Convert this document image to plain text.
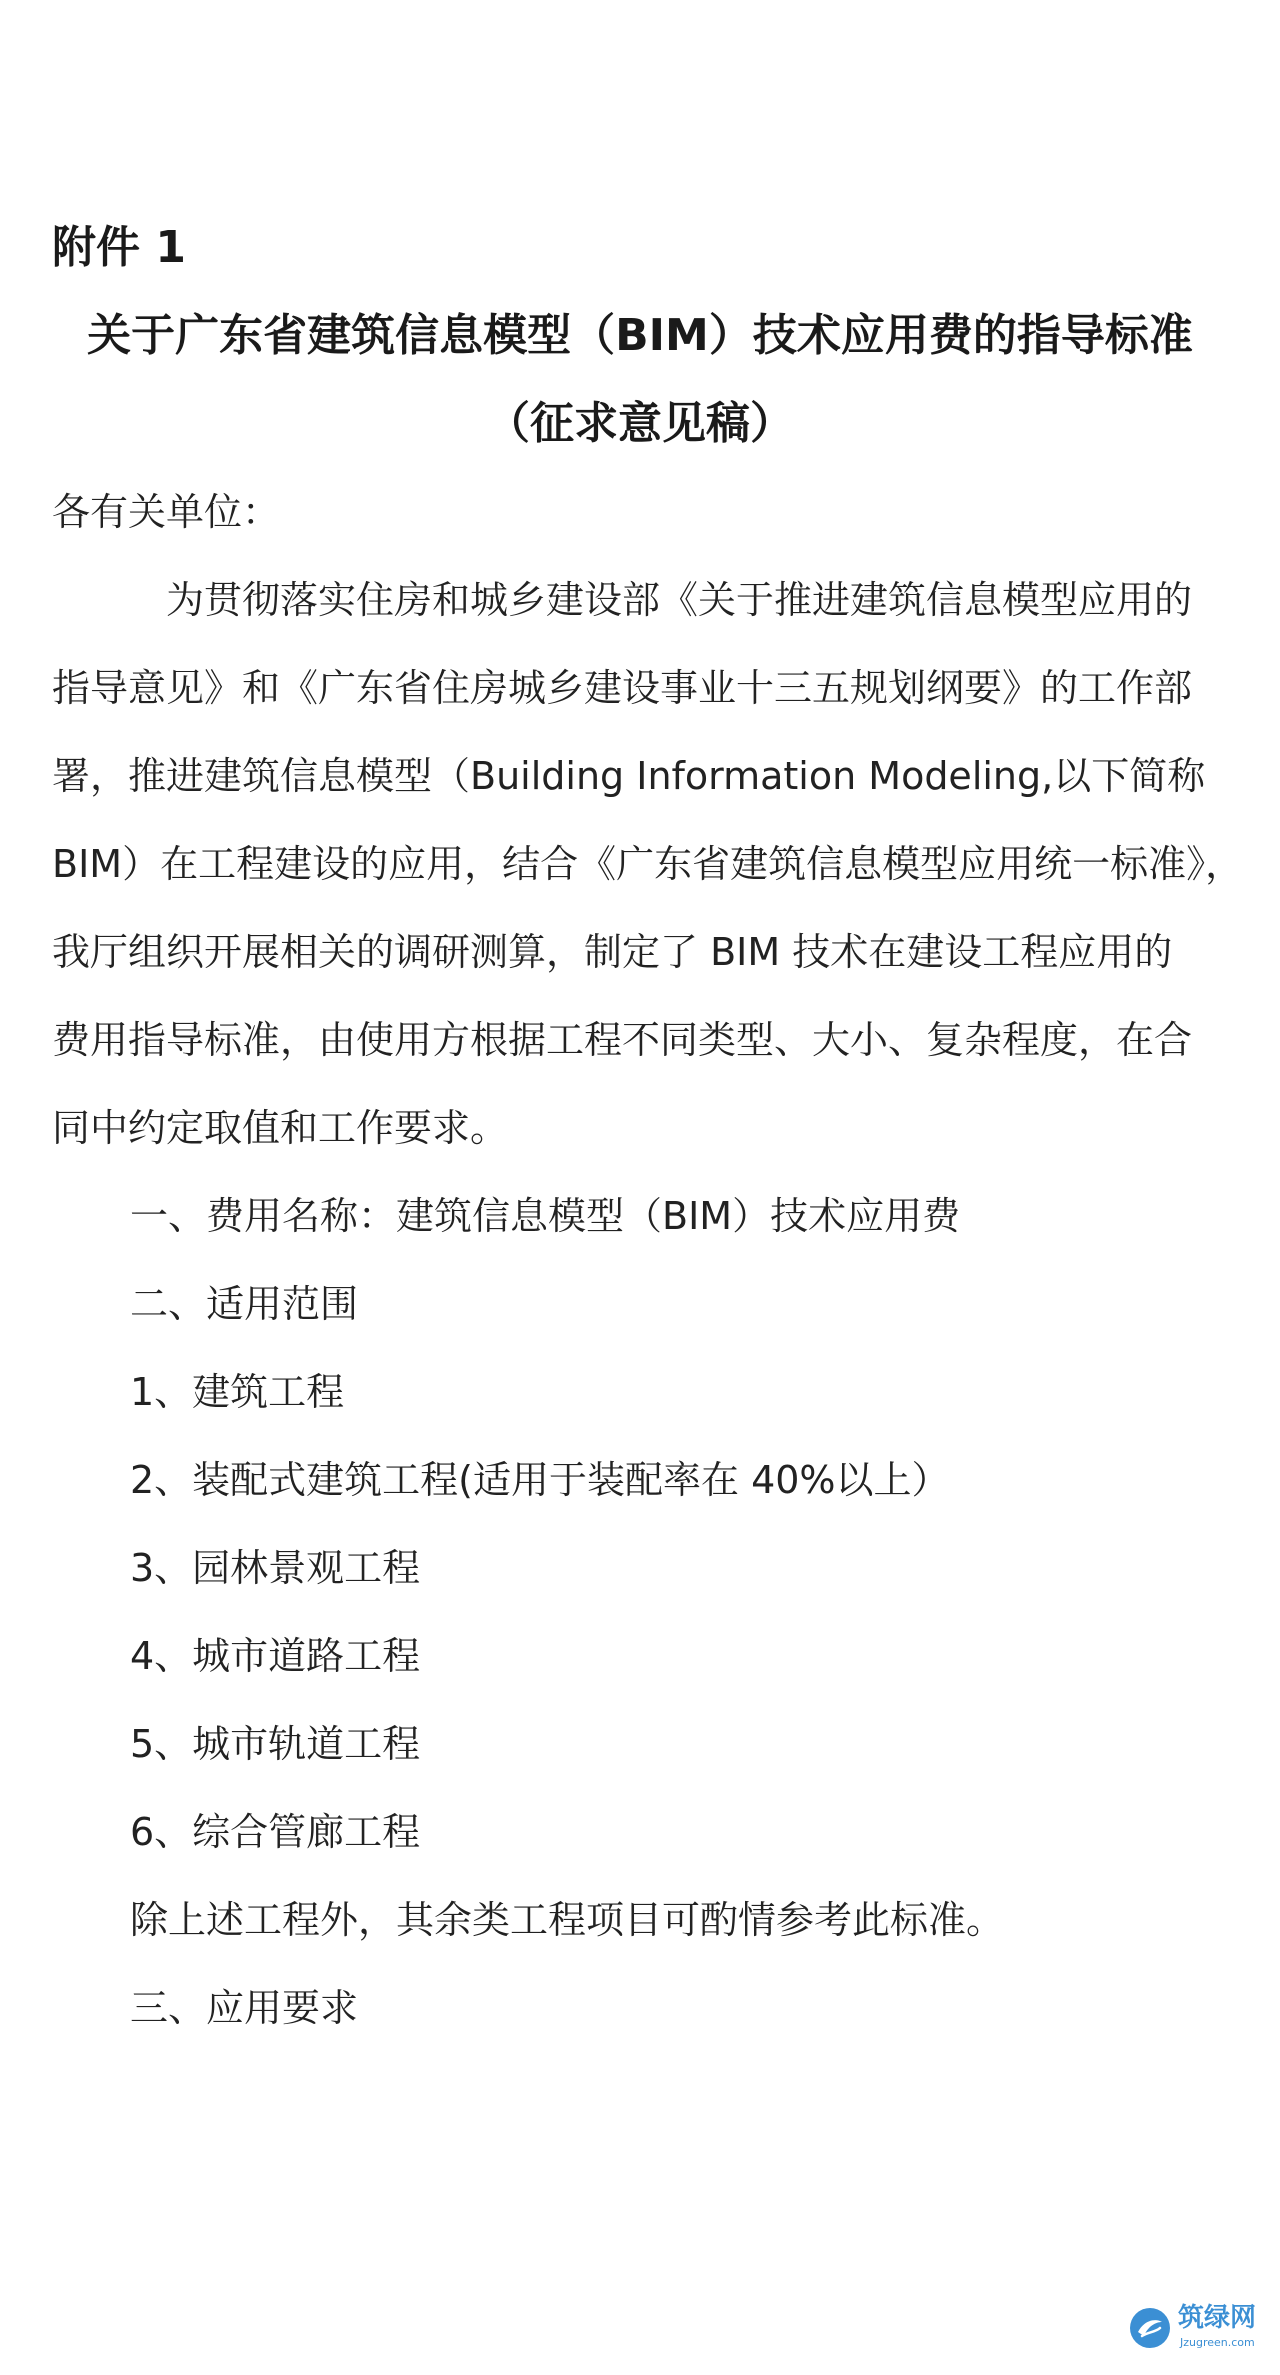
附件 1
关于广东省建筑信息模型（BIM）技术应用费的指导标准
（征求意见稿）
各有关单位：
为贯彻落实住房和城乡建设部《关于推进建筑信息模型应用的
指导意见》和《广东省住房城乡建设事业十三五规划纲要》的工作部
署，推进建筑信息模型（Building Information Modeling,以下简称
BIM）在工程建设的应用，结合《广东省建筑信息模型应用统一标准》，
我厅组织开展相关的调研测算，制定了 BIM 技术在建设工程应用的
费用指导标准，由使用方根据工程不同类型、大小、复杂程度，在合
同中约定取值和工作要求。
一、费用名称：建筑信息模型（BIM）技术应用费
二、适用范围
1、建筑工程
2、装配式建筑工程(适用于装配率在 40%以上）
3、园林景观工程
4、城市道路工程
5、城市轨道工程
6、综合管廊工程
除上述工程外，其余类工程项目可酌情参考此标准。
三、应用要求
筑绿网
Jzugreen.com
